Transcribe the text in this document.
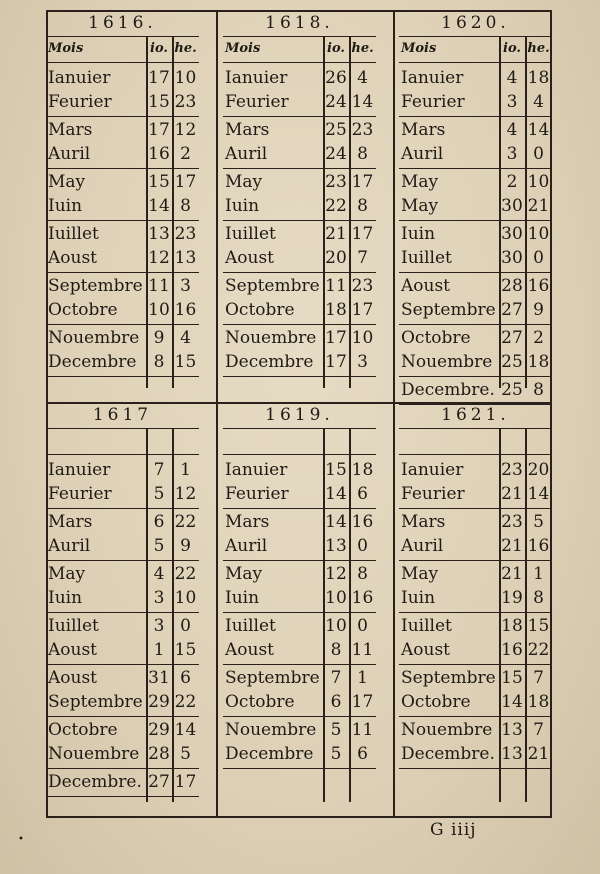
1616.
Mois	io. he.
Ianuier	17 10
Feurier	15 23
Mars	17 12
Auril	16 2
May	15 17
Iuin	14 8
Iuillet	13 23
Aoust	12 13
Septembre 11 3
Octobre	10 16
Nouembre 9 4
Decembre	8 15
1618.
Mois	io. he.
Ianuier	26 4
Feurier	24 14
Mars	25 23
Auril	24 8
May	23 17
Iuin	22 8
Iuillet	21 17
Aoust	20 7
Septembre 11 23
Octobre	18 17
Nouembre 17 10
Decembre 17 3
1620.
Mois	io. he.
Ianuier	4 18
Feurier	3 4
Mars	4 14
Auril	3 0
May	2 10
May	30 21
Iuin	30 10
Iuillet	30 0
Aoust	28 16
Septembre 27 9
Octobre	27 2
Nouembre 25 18
Decembre. 25 8
1617
Ianuier	7 1
Feurier	5 12
Mars	6 22
Auril	5 9
May	4 22
Iuin	3 10
Iuillet	3 0
Aoust	1 15
Aoust	31 6
Septembre 29 22
Octobre	29 14
Nouembre 28 5
Decembre. 27 17
1619.
Ianuier	15 18
Feurier	14 6
Mars	14 16
Auril	13 0
May	12 8
Iuin	10 16
Iuillet	10 0
Aoust	8 11
Septembre 7 1
Octobre	6 17
Nouembre 5 11
Decembre	5 6
1621.
Ianuier	23 20
Feurier	21 14
Mars	23 5
Auril	21 16
May	21 1
Iuin	19 8
Iuillet	18 15
Aoust	16 22
Septembre 15 7
Octobre	14 18
Nouembre 13 7
Decembre. 13 21
•	G iiij
